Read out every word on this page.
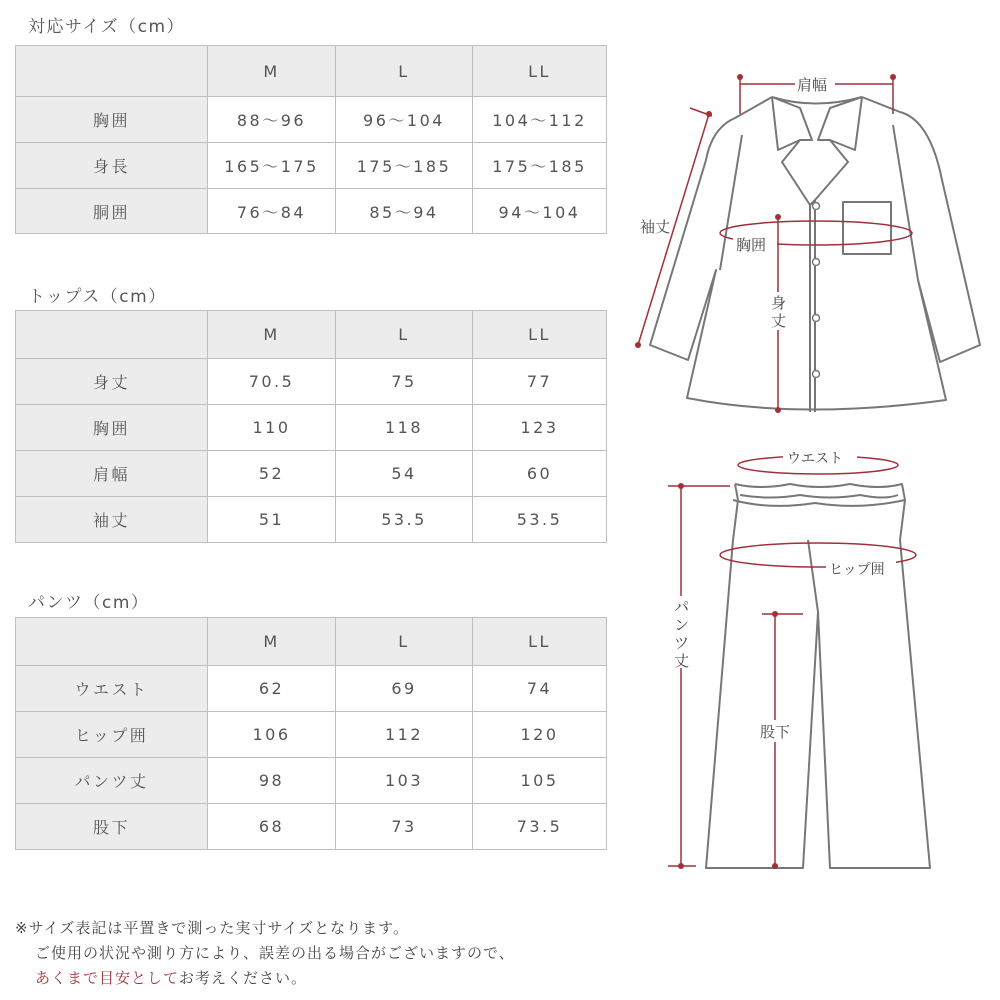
対応サイズ（cm）
	M	L	LL
胸囲	88〜96	96〜104	104〜112
身長	165〜175	175〜185	175〜185
胴囲	76〜84	85〜94	94〜104
トップス（cm）
	M	L	LL
身丈	70.5	75	77
胸囲	110	118	123
肩幅	52	54	60
袖丈	51	53.5	53.5
パンツ（cm）
	M	L	LL
ウエスト	62	69	74
ヒップ囲	106	112	120
パンツ丈	98	103	105
股下	68	73	73.5
肩幅
袖丈
胸囲
身
丈
ウエスト
ヒップ囲
パンツ丈
股下
※サイズ表記は平置きで測った実寸サイズとなります。
ご使用の状況や測り方により、誤差の出る場合がございますので、
あくまで目安としてお考えください。
